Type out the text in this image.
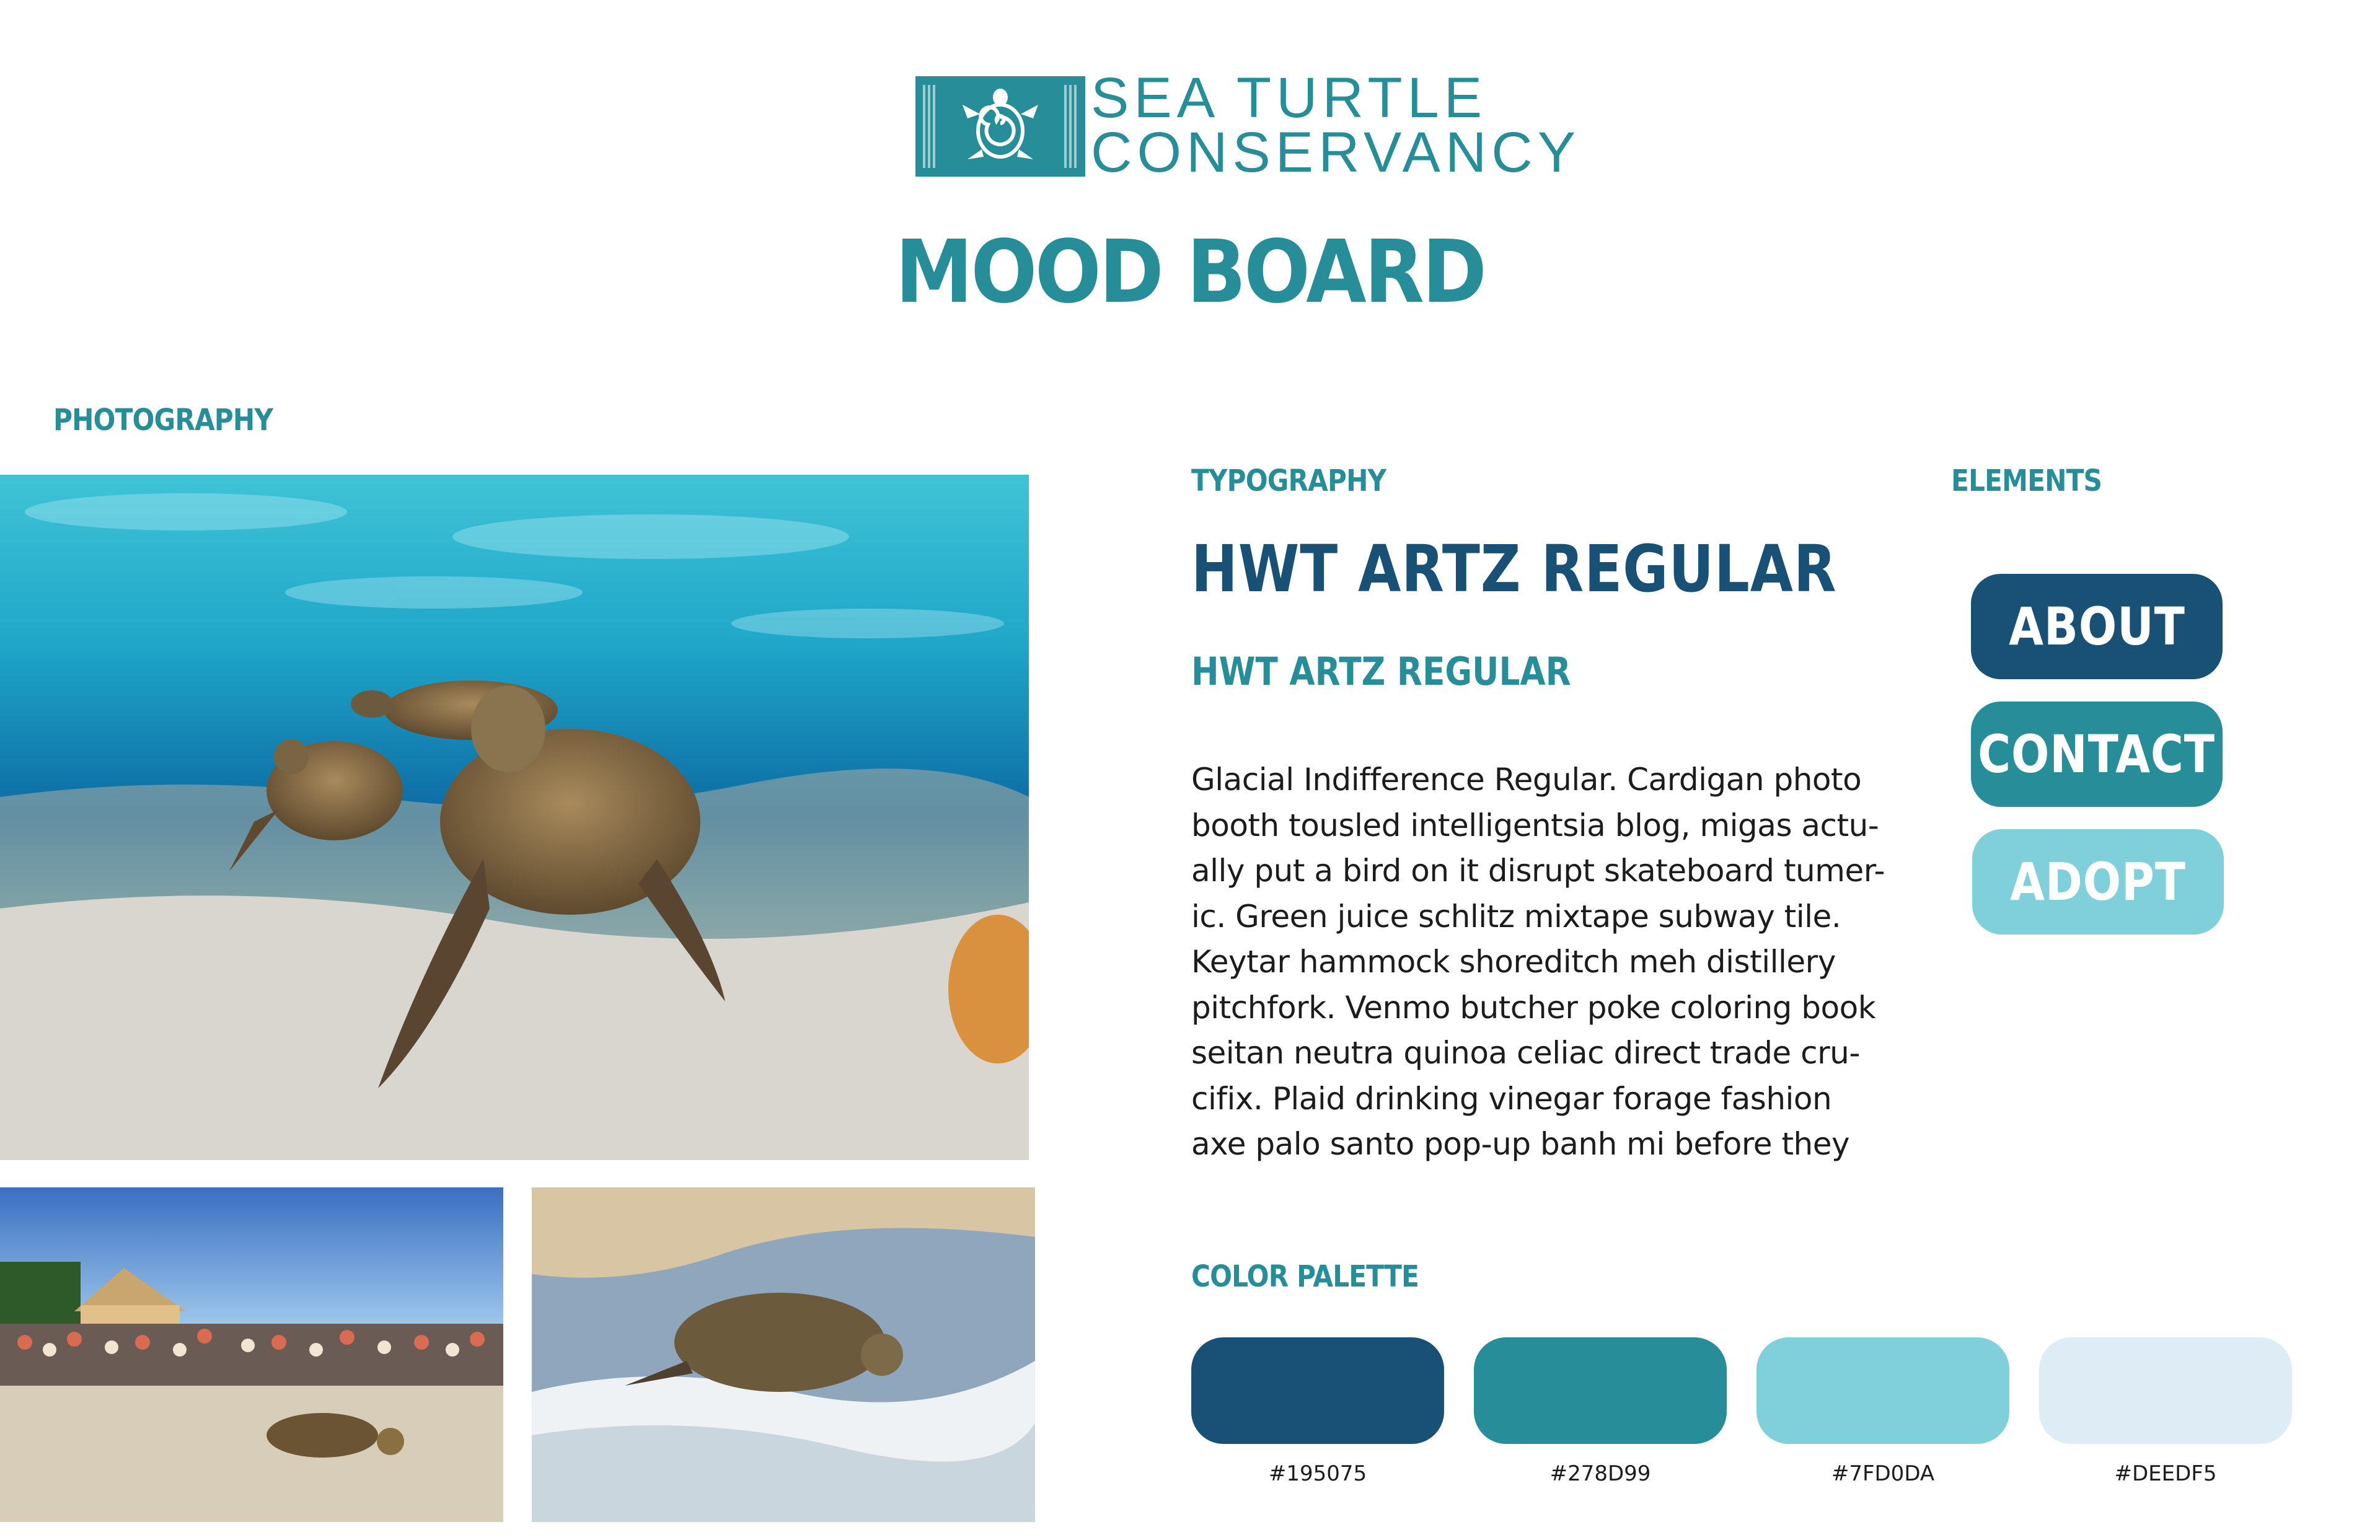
SEA TURTLE
CONSERVANCY
MOOD BOARD
PHOTOGRAPHY
TYPOGRAPHY	ELEMENTS
COLOR PALETTE
HWT ARTZ REGULAR
HWT ARTZ REGULAR
Glacial Indifference Regular. Cardigan photo
booth tousled intelligentsia blog, migas actu-
ally put a bird on it disrupt skateboard tumer-
ic. Green juice schlitz mixtape subway tile.
Keytar hammock shoreditch meh distillery
pitchfork. Venmo butcher poke coloring book
seitan neutra quinoa celiac direct trade cru-
cifix. Plaid drinking vinegar forage fashion
axe palo santo pop-up banh mi before they
ABOUT
CONTACT
ADOPT
#195075	#278D99	#7FD0DA	#DEEDF5
